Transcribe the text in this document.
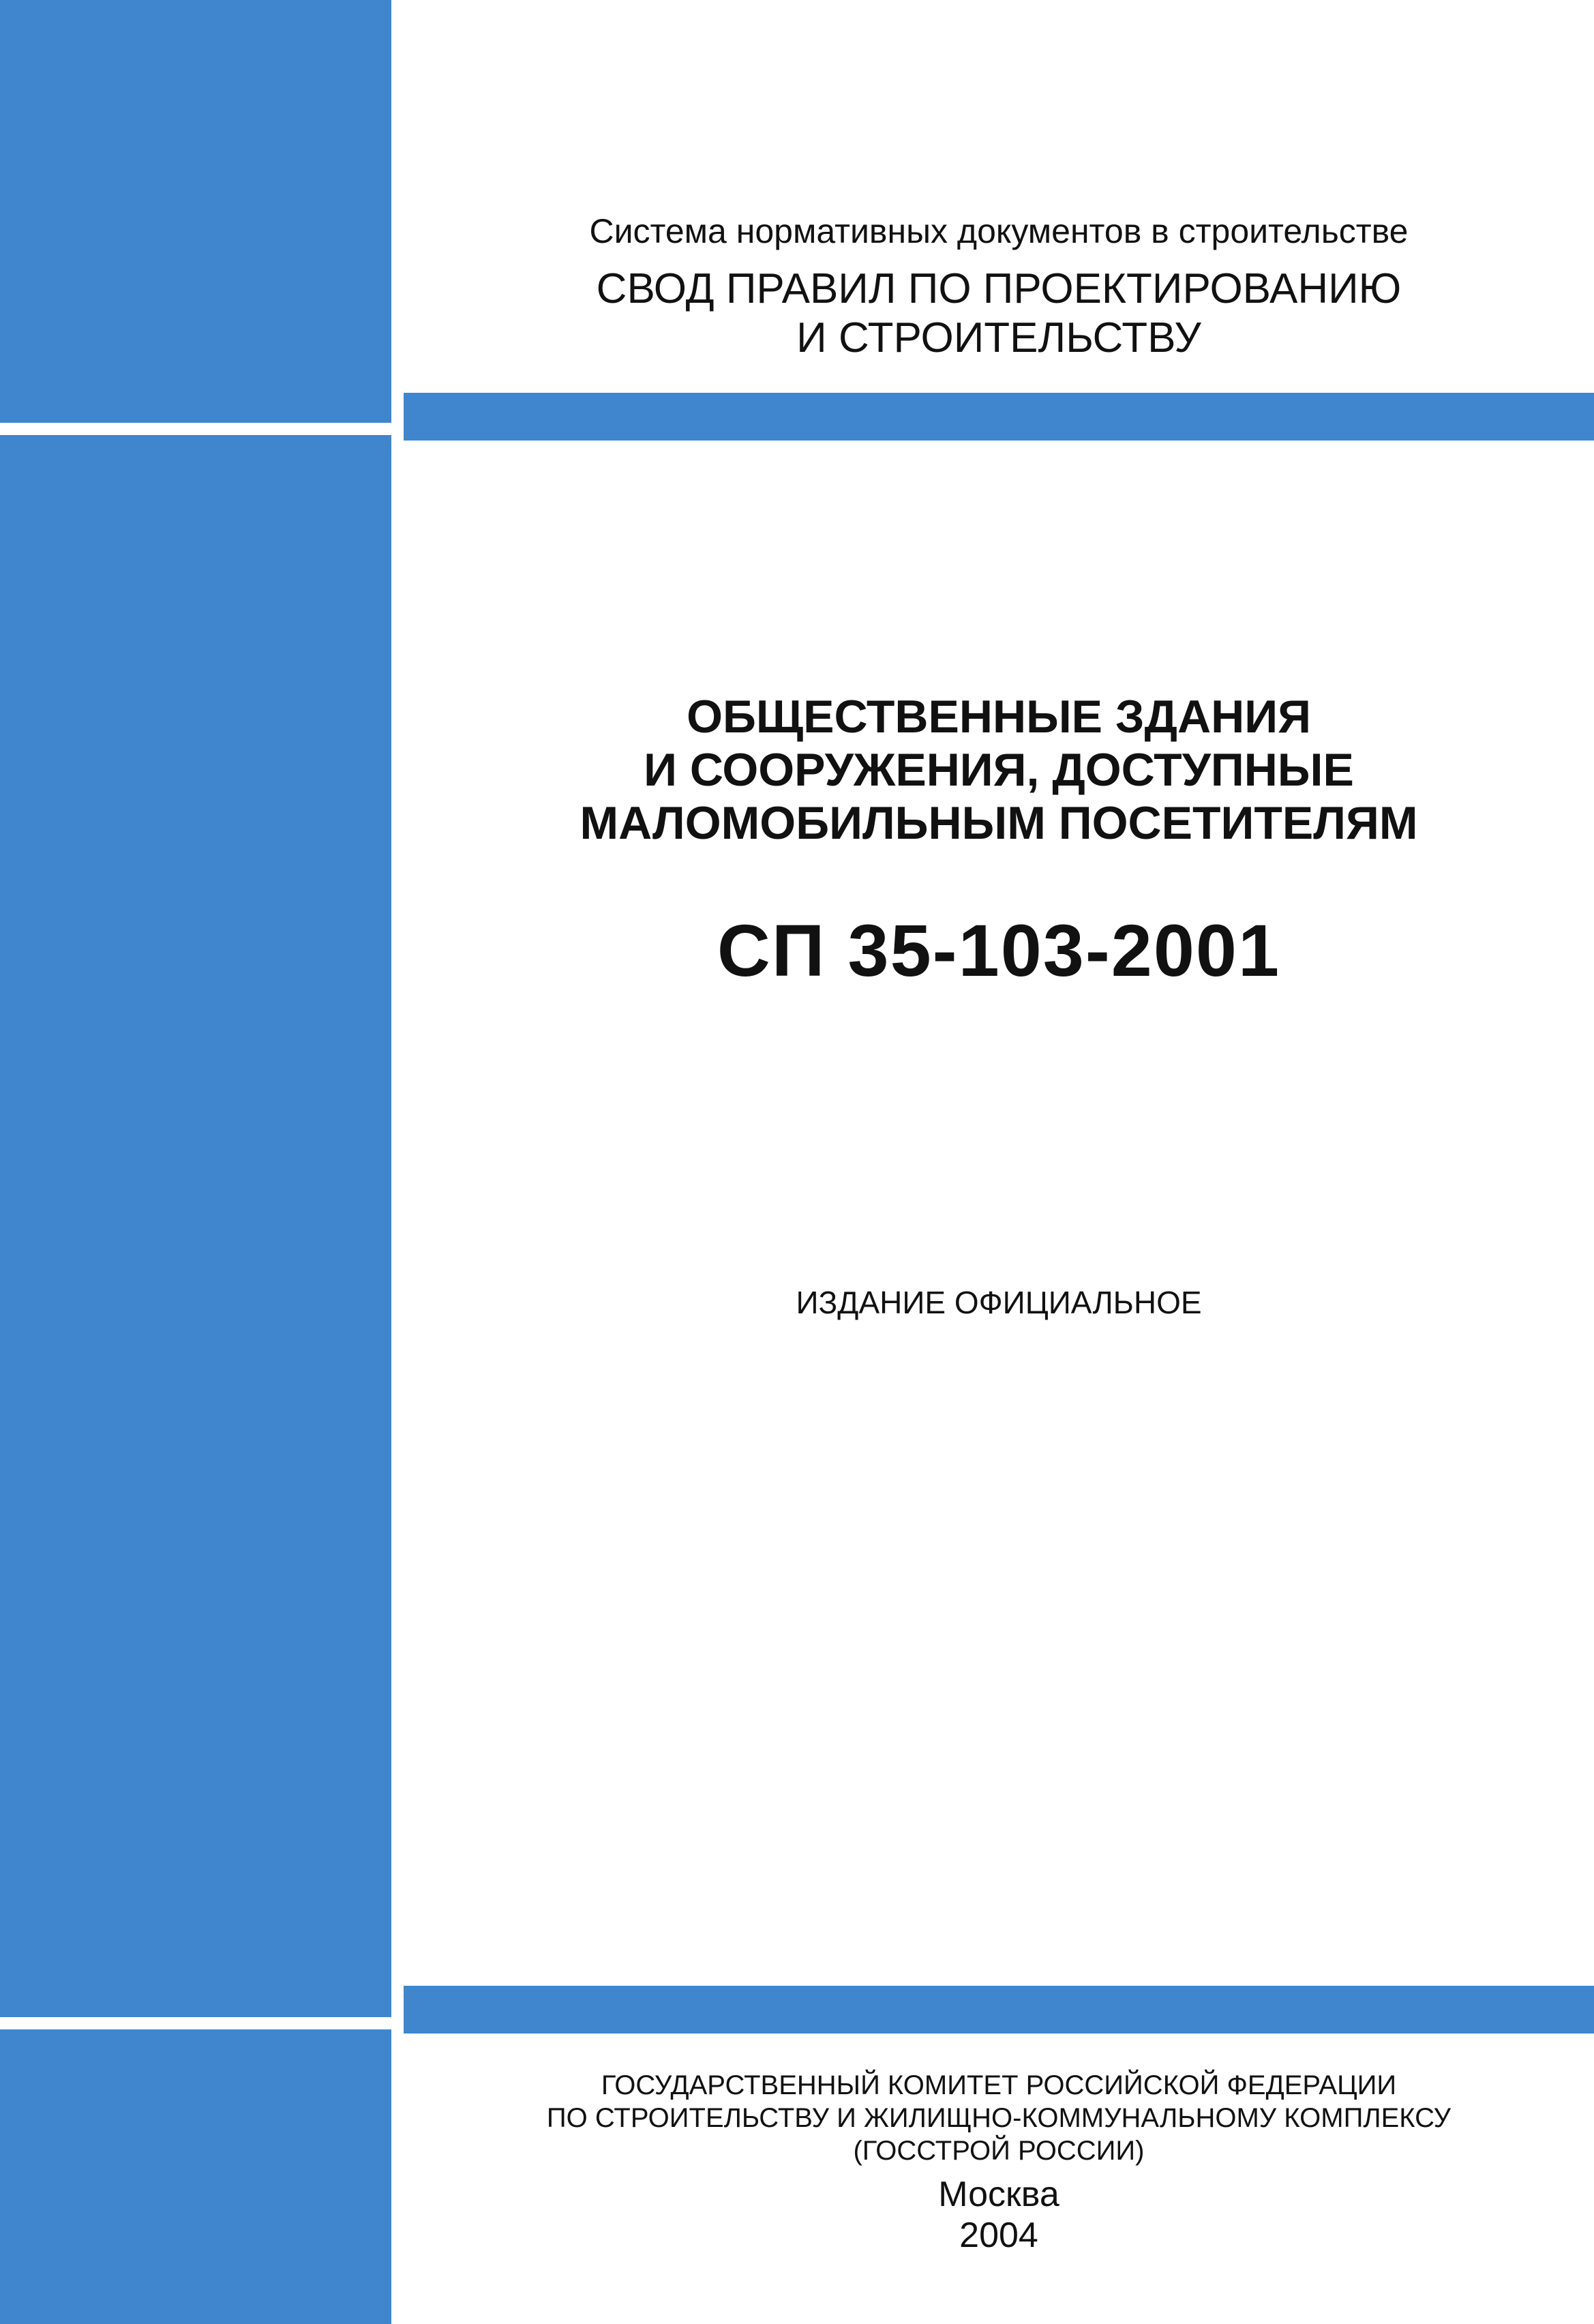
Система нормативных документов в строительстве

СВОД ПРАВИЛ ПО ПРОЕКТИРОВАНИЮ
И СТРОИТЕЛЬСТВУ
ОБЩЕСТВЕННЫЕ ЗДАНИЯ
И СООРУЖЕНИЯ, ДОСТУПНЫЕ
МАЛОМОБИЛЬНЫМ ПОСЕТИТЕЛЯМ

СП 35-103-2001

ИЗДАНИЕ ОФИЦИАЛЬНОЕ

ГОСУДАРСТВЕННЫЙ КОМИТЕТ РОССИЙСКОЙ ФЕДЕРАЦИИ
ПО СТРОИТЕЛЬСТВУ И ЖИЛИЩНО-КОММУНАЛЬНОМУ КОМПЛЕКСУ
(ГОССТРОЙ РОССИИ)

Москва

2004
